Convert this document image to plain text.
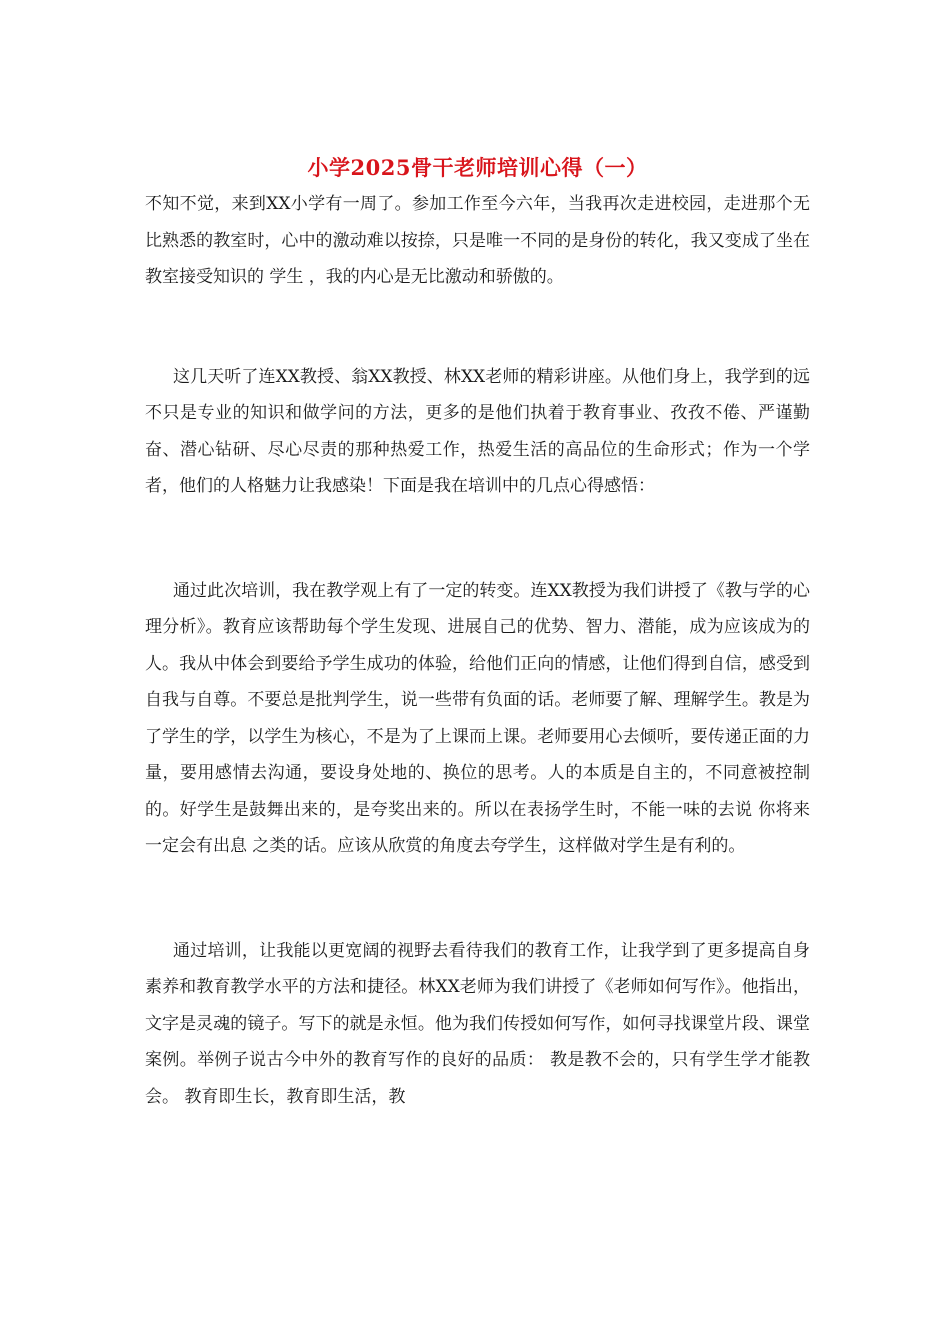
小学2025骨干老师培训心得（一）

不知不觉，来到XX小学有一周了。参加工作至今六年，当我再次走进校园，走进那个无比熟悉的教室时，心中的激动难以按捺，只是唯一不同的是身份的转化，我又变成了坐在教室接受知识的 学生 ，我的内心是无比激动和骄傲的。

这几天听了连XX教授、翁XX教授、林XX老师的精彩讲座。从他们身上，我学到的远不只是专业的知识和做学问的方法，更多的是他们执着于教育事业、孜孜不倦、严谨勤奋、潜心钻研、尽心尽责的那种热爱工作，热爱生活的高品位的生命形式；作为一个学者，他们的人格魅力让我感染！下面是我在培训中的几点心得感悟：

通过此次培训，我在教学观上有了一定的转变。连XX教授为我们讲授了《教与学的心理分析》。教育应该帮助每个学生发现、进展自己的优势、智力、潜能，成为应该成为的人。我从中体会到要给予学生成功的体验，给他们正向的情感，让他们得到自信，感受到自我与自尊。不要总是批判学生，说一些带有负面的话。老师要了解、理解学生。教是为了学生的学，以学生为核心，不是为了上课而上课。老师要用心去倾听，要传递正面的力量，要用感情去沟通，要设身处地的、换位的思考。人的本质是自主的，不同意被控制的。好学生是鼓舞出来的，是夸奖出来的。所以在表扬学生时，不能一味的去说 你将来一定会有出息 之类的话。应该从欣赏的角度去夸学生，这样做对学生是有利的。

通过培训，让我能以更宽阔的视野去看待我们的教育工作，让我学到了更多提高自身素养和教育教学水平的方法和捷径。林XX老师为我们讲授了《老师如何写作》。他指出，文字是灵魂的镜子。写下的就是永恒。他为我们传授如何写作，如何寻找课堂片段、课堂案例。举例子说古今中外的教育写作的良好的品质： 教是教不会的，只有学生学才能教会。 教育即生长，教育即生活，教
